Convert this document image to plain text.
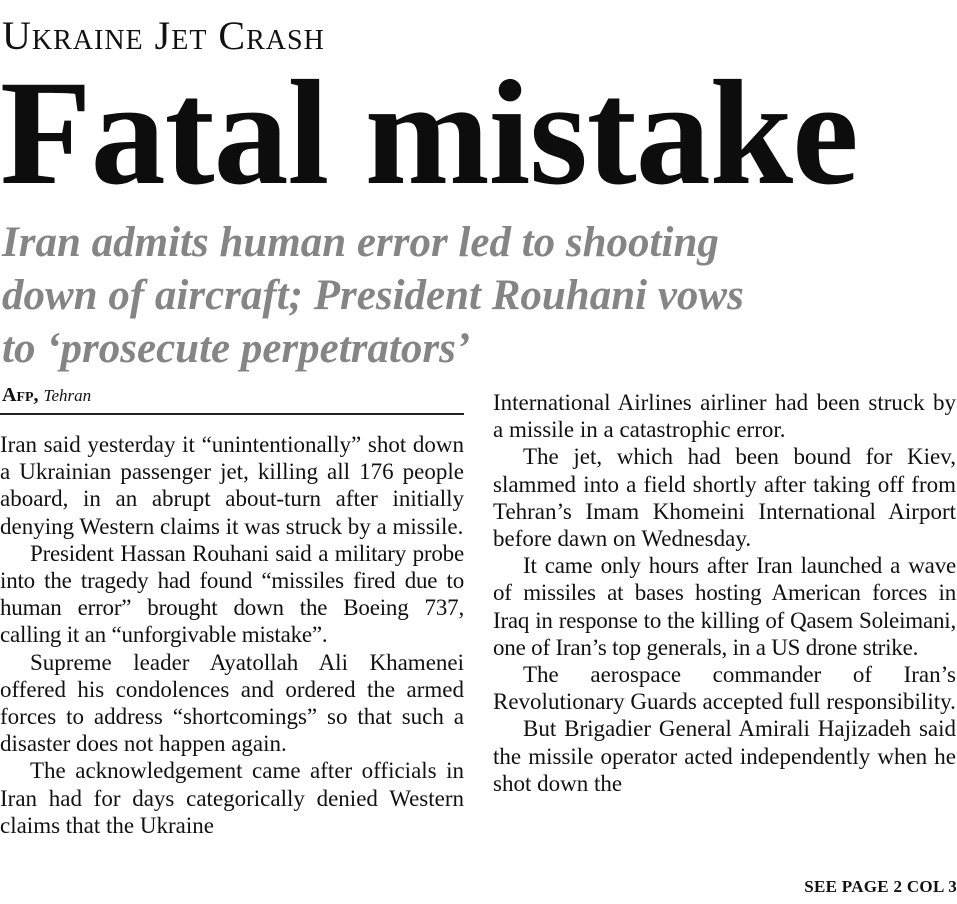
Ukraine Jet Crash
Fatal mistake
Iran admits human error led to shooting
down of aircraft; President Rouhani vows
to ‘prosecute perpetrators’
Afp, Tehran

Iran said yesterday it “unintentionally” shot down a Ukrainian passenger jet, killing all 176 people aboard, in an abrupt about-turn after initially denying Western claims it was struck by a missile.

President Hassan Rouhani said a military probe into the tragedy had found “missiles fired due to human error” brought down the Boeing 737, calling it an “unforgivable mistake”.

Supreme leader Ayatollah Ali Khamenei offered his condolences and ordered the armed forces to address “shortcomings” so that such a disaster does not happen again.

The acknowledgement came after officials in Iran had for days categorically denied Western claims that the Ukraine

International Airlines airliner had been struck by a missile in a catastrophic error.

The jet, which had been bound for Kiev, slammed into a field shortly after taking off from Tehran’s Imam Khomeini International Airport before dawn on Wednesday.

It came only hours after Iran launched a wave of missiles at bases hosting American forces in Iraq in response to the killing of Qasem Soleimani, one of Iran’s top generals, in a US drone strike.

The aerospace commander of Iran’s Revolutionary Guards accepted full responsibility.

But Brigadier General Amirali Hajizadeh said the missile operator acted independently when he shot down the

SEE PAGE 2 COL 3
